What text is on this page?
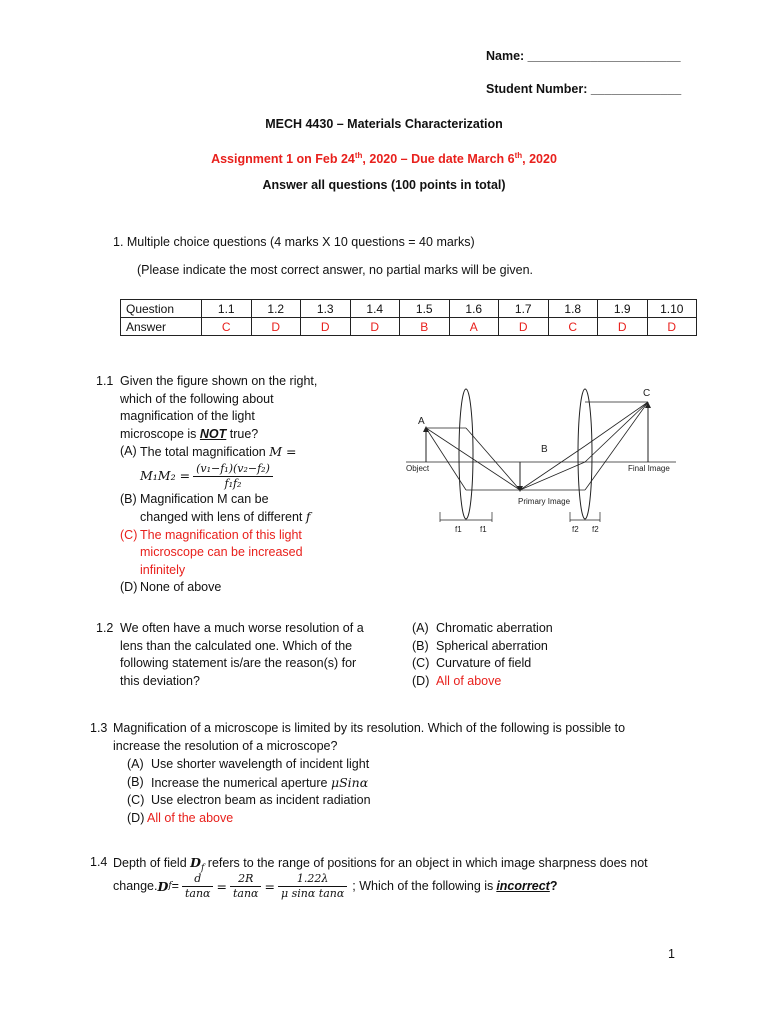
Name: ______________________
Student Number: _____________
MECH 4430 – Materials Characterization
Assignment 1 on Feb 24th, 2020 – Due date March 6th, 2020
Answer all questions (100 points in total)
1. Multiple choice questions (4 marks X 10 questions = 40 marks)
(Please indicate the most correct answer, no partial marks will be given.
Question	1.1	1.2	1.3	1.4	1.5	1.6	1.7	1.8	1.9	1.10
Answer	C	D	D	D	B	A	D	C	D	D
1.1 Given the figure shown on the right,
which of the following about
magnification of the light
microscope is NOT true?
(A) The total magnification M =
$M_1M_2 = \frac{\text{(v₁−f₁)(v₂−f₂)}}{\text{f₁f₂}}$
(B) Magnification M can be
changed with lens of different f
(C) The magnification of this light
microscope can be increased
infinitely
(D) None of above
A
B
C
Object	Final Image
Primary Image
f1 f1	f2 f2
1.2 We often have a much worse resolution of a
lens than the calculated one. Which of the
following statement is/are the reason(s) for
this deviation?
(A) Chromatic aberration
(B) Spherical aberration
(C) Curvature of field
(D) All of above
1.3 Magnification of a microscope is limited by its resolution. Which of the following is possible to
increase the resolution of a microscope?
(A) Use shorter wavelength of incident light
(B) Increase the numerical aperture μSinα
(C) Use electron beam as incident radiation
(D) All of the above
1.4 Depth of field $D_f$ refers to the range of positions for an object in which image sharpness does not
change. D $f = \frac{d}{\tan\alpha} = \frac{2R}{\tan\alpha} = \frac{1.22\lambda}{\text{μ sinα tanα}}$ ; Which of the following is incorrect ?
1
